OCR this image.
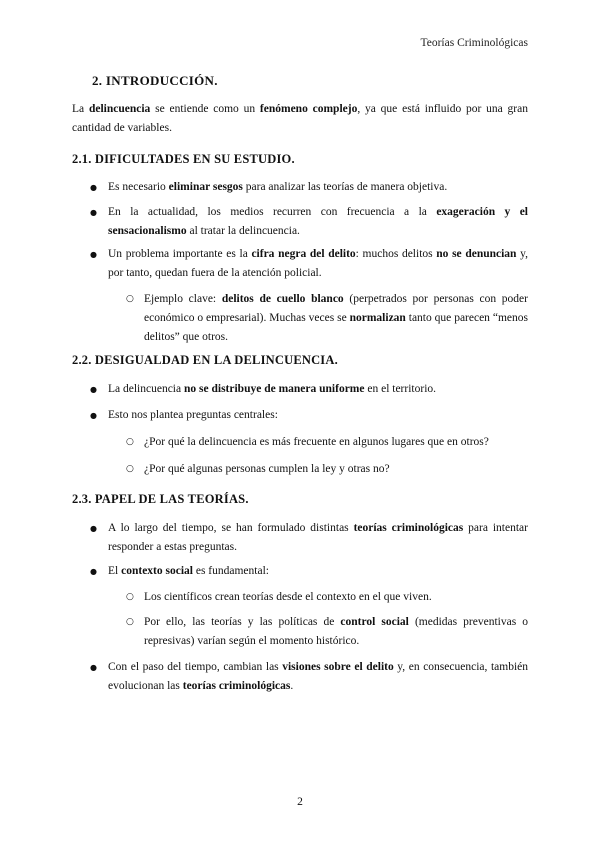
Teorías Criminológicas
2. INTRODUCCIÓN.
La delincuencia se entiende como un fenómeno complejo, ya que está influido por una gran cantidad de variables.
2.1. DIFICULTADES EN SU ESTUDIO.
● Es necesario eliminar sesgos para analizar las teorías de manera objetiva.
● En la actualidad, los medios recurren con frecuencia a la exageración y el sensacionalismo al tratar la delincuencia.
● Un problema importante es la cifra negra del delito: muchos delitos no se denuncian y, por tanto, quedan fuera de la atención policial.
○ Ejemplo clave: delitos de cuello blanco (perpetrados por personas con poder económico o empresarial). Muchas veces se normalizan tanto que parecen “menos delitos” que otros.
2.2. DESIGUALDAD EN LA DELINCUENCIA.
● La delincuencia no se distribuye de manera uniforme en el territorio.
● Esto nos plantea preguntas centrales:
○ ¿Por qué la delincuencia es más frecuente en algunos lugares que en otros?
○ ¿Por qué algunas personas cumplen la ley y otras no?
2.3. PAPEL DE LAS TEORÍAS.
● A lo largo del tiempo, se han formulado distintas teorías criminológicas para intentar responder a estas preguntas.
● El contexto social es fundamental:
○ Los científicos crean teorías desde el contexto en el que viven.
○ Por ello, las teorías y las políticas de control social (medidas preventivas o represivas) varían según el momento histórico.
● Con el paso del tiempo, cambian las visiones sobre el delito y, en consecuencia, también evolucionan las teorías criminológicas.
2
